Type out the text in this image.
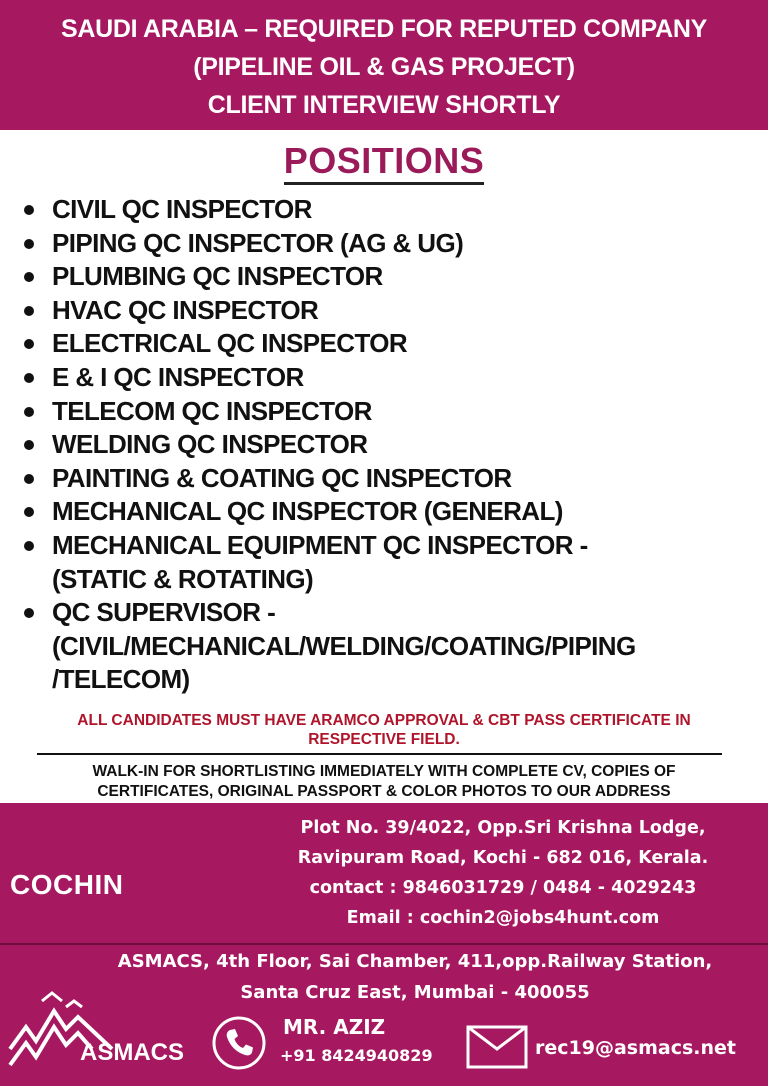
SAUDI ARABIA – REQUIRED FOR REPUTED COMPANY
(PIPELINE OIL & GAS PROJECT)
CLIENT INTERVIEW SHORTLY
POSITIONS
CIVIL QC INSPECTOR
PIPING QC INSPECTOR (AG & UG)
PLUMBING QC INSPECTOR
HVAC QC INSPECTOR
ELECTRICAL QC INSPECTOR
E & I QC INSPECTOR
TELECOM QC INSPECTOR
WELDING QC INSPECTOR
PAINTING & COATING QC INSPECTOR
MECHANICAL QC INSPECTOR (GENERAL)
MECHANICAL EQUIPMENT QC INSPECTOR -
(STATIC & ROTATING)
QC SUPERVISOR -
(CIVIL/MECHANICAL/WELDING/COATING/PIPING
/TELECOM)
ALL CANDIDATES MUST HAVE ARAMCO APPROVAL & CBT PASS CERTIFICATE IN
RESPECTIVE FIELD.
WALK-IN FOR SHORTLISTING IMMEDIATELY WITH COMPLETE CV, COPIES OF
CERTIFICATES, ORIGINAL PASSPORT & COLOR PHOTOS TO OUR ADDRESS
COCHIN
Plot No. 39/4022, Opp.Sri Krishna Lodge,
Ravipuram Road, Kochi - 682 016, Kerala.
contact : 9846031729 / 0484 - 4029243
Email : cochin2@jobs4hunt.com
ASMACS, 4th Floor, Sai Chamber, 411,opp.Railway Station,
Santa Cruz East, Mumbai - 400055
ASMACS
MR. AZIZ
+91 8424940829	rec19@asmacs.net
